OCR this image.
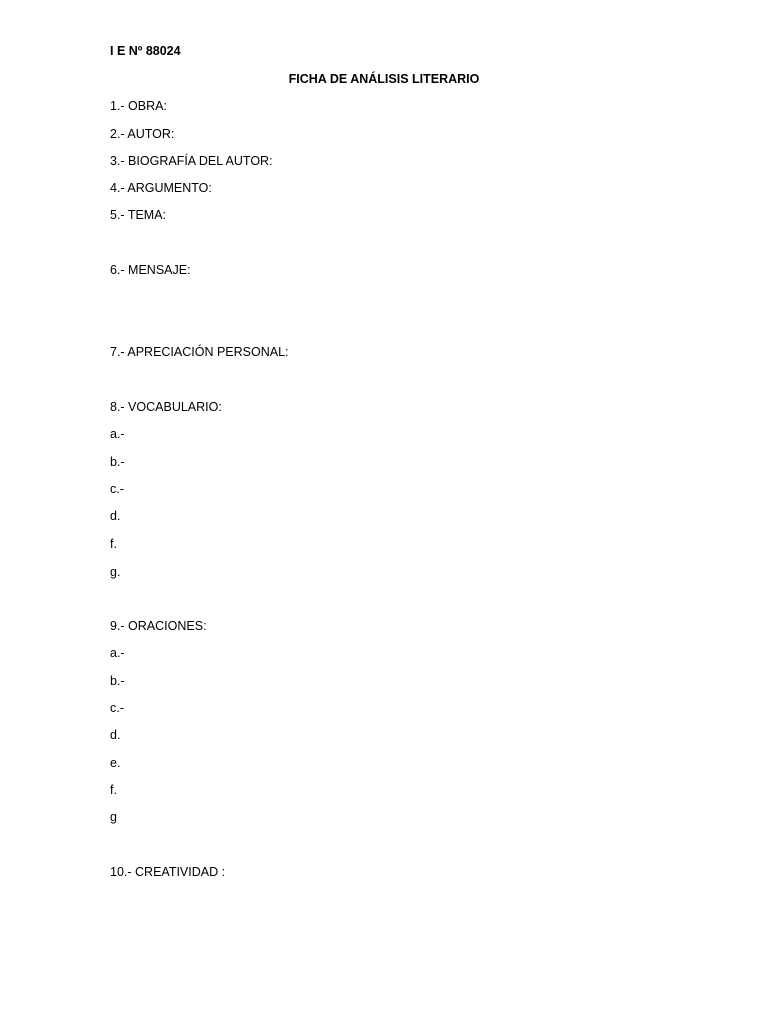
I E Nº 88024
FICHA DE ANÁLISIS LITERARIO
1.- OBRA:
2.- AUTOR:
3.- BIOGRAFÍA DEL AUTOR:
4.- ARGUMENTO:
5.- TEMA:
6.- MENSAJE:
7.- APRECIACIÓN PERSONAL:
8.- VOCABULARIO:
a.-
b.-
c.-
d.
f.
g.
9.- ORACIONES:
a.-
b.-
c.-
d.
e.
f.
g
10.- CREATIVIDAD :
